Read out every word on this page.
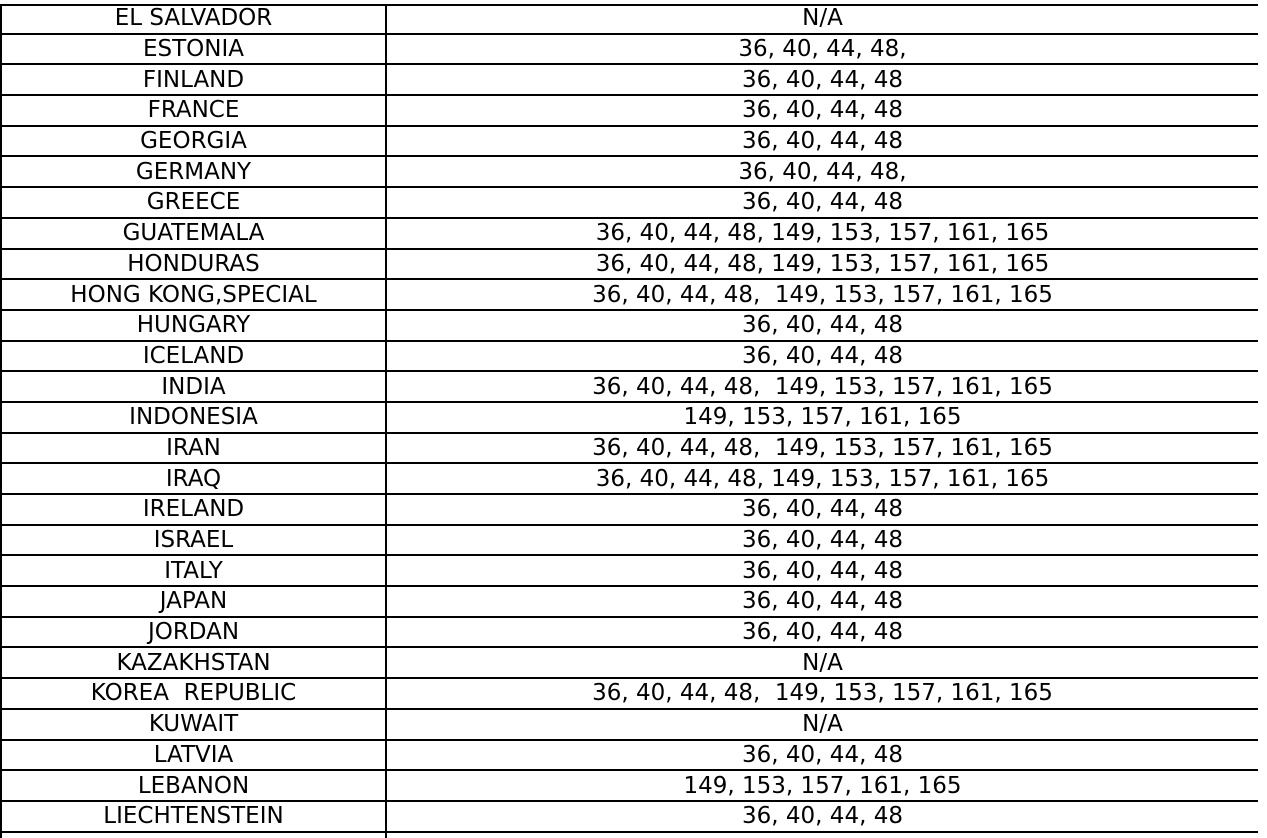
EL SALVADOR	N/A
ESTONIA	36, 40, 44, 48,
FINLAND	36, 40, 44, 48
FRANCE	36, 40, 44, 48
GEORGIA	36, 40, 44, 48
GERMANY	36, 40, 44, 48,
GREECE	36, 40, 44, 48
GUATEMALA	36, 40, 44, 48, 149, 153, 157, 161, 165
HONDURAS	36, 40, 44, 48, 149, 153, 157, 161, 165
HONG KONG,SPECIAL	36, 40, 44, 48,  149, 153, 157, 161, 165
HUNGARY	36, 40, 44, 48
ICELAND	36, 40, 44, 48
INDIA	36, 40, 44, 48,  149, 153, 157, 161, 165
INDONESIA	149, 153, 157, 161, 165
IRAN	36, 40, 44, 48,  149, 153, 157, 161, 165
IRAQ	36, 40, 44, 48, 149, 153, 157, 161, 165
IRELAND	36, 40, 44, 48
ISRAEL	36, 40, 44, 48
ITALY	36, 40, 44, 48
JAPAN	36, 40, 44, 48
JORDAN	36, 40, 44, 48
KAZAKHSTAN	N/A
KOREA  REPUBLIC	36, 40, 44, 48,  149, 153, 157, 161, 165
KUWAIT	N/A
LATVIA	36, 40, 44, 48
LEBANON	149, 153, 157, 161, 165
LIECHTENSTEIN	36, 40, 44, 48
